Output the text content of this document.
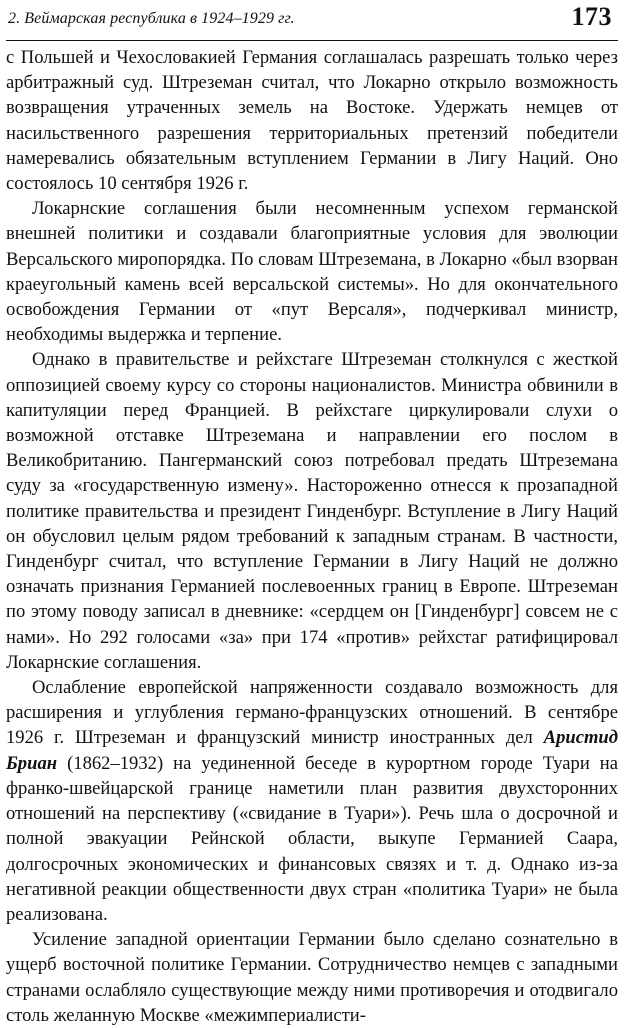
2. Веймарская республика в 1924–1929 гг.	173

с Польшей и Чехословакией Германия соглашалась разрешать только через арбитражный суд. Штреземан считал, что Локарно открыло возможность возвращения утраченных земель на Востоке. Удержать немцев от насильственного разрешения территориальных претензий победители намеревались обязательным вступлением Германии в Лигу Наций. Оно состоялось 10 сентября 1926 г.

Локарнские соглашения были несомненным успехом германской внешней политики и создавали благоприятные условия для эволюции Версальского миропорядка. По словам Штреземана, в Локарно «был взорван краеугольный камень всей версальской системы». Но для окончательного освобождения Германии от «пут Версаля», подчеркивал министр, необходимы выдержка и терпение.

Однако в правительстве и рейхстаге Штреземан столкнулся с жесткой оппозицией своему курсу со стороны националистов. Министра обвинили в капитуляции перед Францией. В рейхстаге циркулировали слухи о возможной отставке Штреземана и направлении его послом в Великобританию. Пангерманский союз потребовал предать Штреземана суду за «государственную измену». Настороженно отнесся к прозападной политике правительства и президент Гинденбург. Вступление в Лигу Наций он обусловил целым рядом требований к западным странам. В частности, Гинденбург считал, что вступление Германии в Лигу Наций не должно означать признания Германией послевоенных границ в Европе. Штреземан по этому поводу записал в дневнике: «сердцем он [Гинденбург] совсем не с нами». Но 292 голосами «за» при 174 «против» рейхстаг ратифицировал Локарнские соглашения.

Ослабление европейской напряженности создавало возможность для расширения и углубления германо-французских отношений. В сентябре 1926 г. Штреземан и французский министр иностранных дел Аристид Бриан (1862–1932) на уединенной беседе в курортном городе Туари на франко-швейцарской границе наметили план развития двухсторонних отношений на перспективу («свидание в Туари»). Речь шла о досрочной и полной эвакуации Рейнской области, выкупе Германией Саара, долгосрочных экономических и финансовых связях и т. д. Однако из-за негативной реакции общественности двух стран «политика Туари» не была реализована.

Усиление западной ориентации Германии было сделано сознательно в ущерб восточной политике Германии. Сотрудничество немцев с западными странами ослабляло существующие между ними противоречия и отодвигало столь желанную Москве «межимпериалисти-
